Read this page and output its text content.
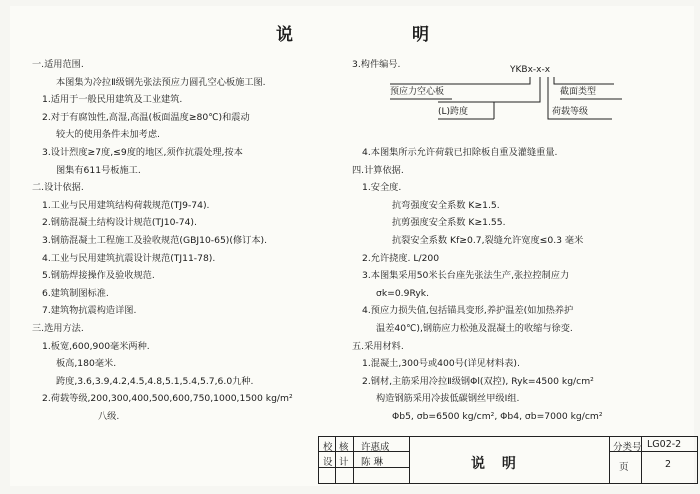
说	明
一.适用范围.
本图集为冷拉Ⅱ级钢先张法预应力圆孔空心板施工图.
1.适用于一般民用建筑及工业建筑.
2.对于有腐蚀性,高湿,高温(板面温度≥80℃)和震动
较大的使用条件未加考虑.
3.设计烈度≥7度,≤9度的地区,须作抗震处理,按本
图集有611号板施工.
二.设计依据.
1.工业与民用建筑结构荷载规范(TJ9-74).
2.钢筋混凝土结构设计规范(TJ10-74).
3.钢筋混凝土工程施工及验收规范(GBJ10-65)(修订本).
4.工业与民用建筑抗震设计规范(TJ11-78).
5.钢筋焊接操作及验收规范.
6.建筑制图标准.
7.建筑物抗震构造详图.
三.选用方法.
1.板宽,600,900毫米两种.
板高,180毫米.
跨度,3.6,3.9,4.2,4.5,4.8,5.1,5.4,5.7,6.0九种.
2.荷载等级,200,300,400,500,600,750,1000,1500 kg/m²
八级.
YKBx-x-x
预应力空心板	截面类型
(L)跨度	荷载等级
3.构件编号.
4.本图集所示允许荷载已扣除板自重及灌缝重量.
四.计算依据.
1.安全度.
抗弯强度安全系数 K≥1.5.
抗剪强度安全系数 K≥1.55.
抗裂安全系数 Kf≥0.7,裂缝允许宽度≤0.3 毫米
2.允许挠度. L/200
3.本图集采用50米长台座先张法生产,张拉控制应力
σk=0.9Ryk.
4.预应力损失值,包括锚具变形,养护温差(如加热养护
温差40℃),钢筋应力松弛及混凝土的收缩与徐变.
五.采用材料.
1.混凝土,300号或400号(详见材料表).
2.钢材,主筋采用冷拉Ⅱ级钢Φl(双控), Ryk=4500 kg/cm²
构造钢筋采用冷拔低碳钢丝甲级Ⅰ组.
Φb5, σb=6500 kg/cm², Φb4, σb=7000 kg/cm²
校 核 许惠成
设 计 陈 琳	说 明
分类号 LG02-2
页	2
